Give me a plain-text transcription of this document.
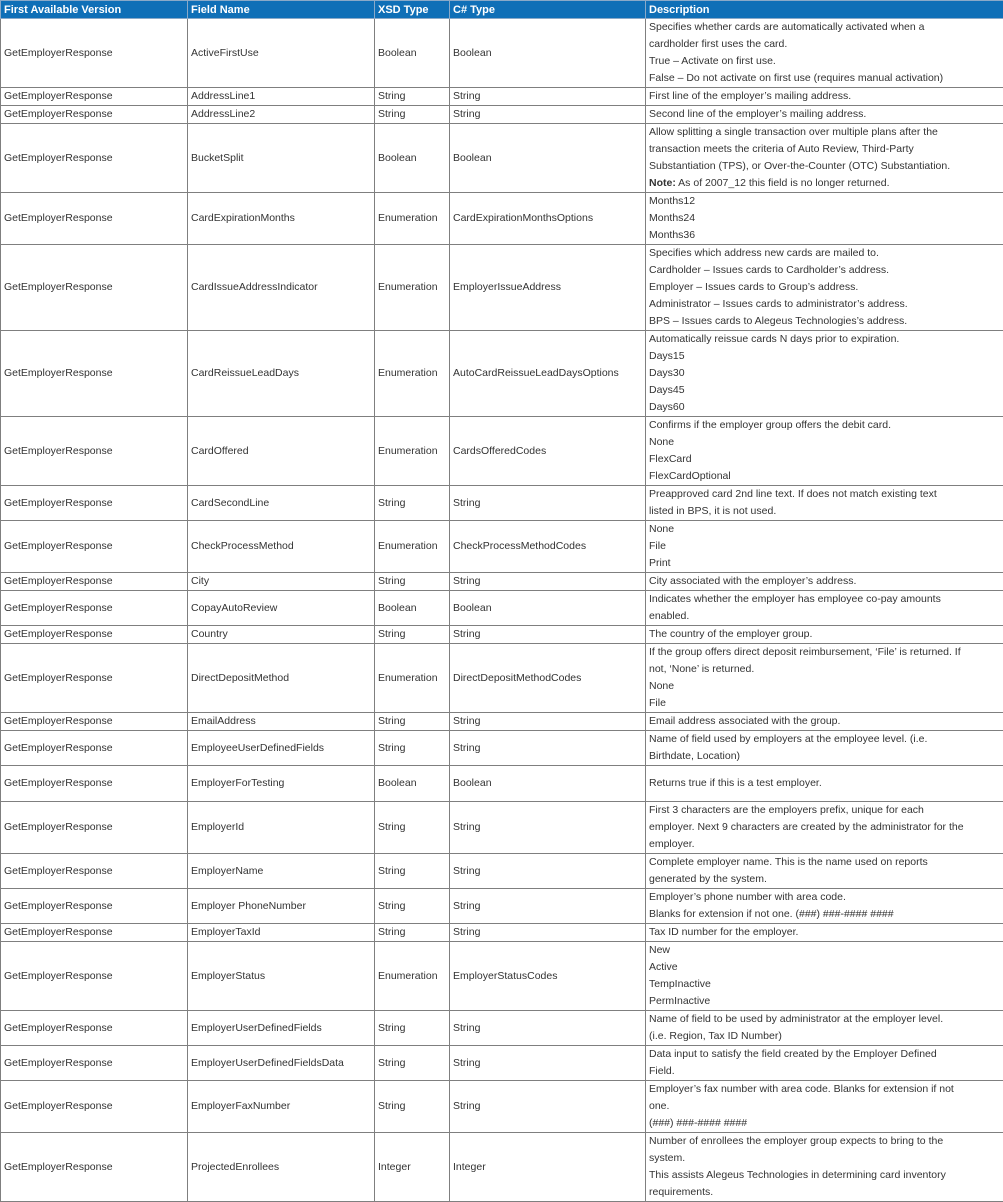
First Available Version	Field Name	XSD Type	C# Type	Description
GetEmployerResponse	ActiveFirstUse	Boolean	Boolean	Specifies whether cards are automatically activated when a
cardholder first uses the card.
True – Activate on first use.
False – Do not activate on first use (requires manual activation)

GetEmployerResponse	AddressLine1	String	String	First line of the employer’s mailing address.

GetEmployerResponse	AddressLine2	String	String	Second line of the employer’s mailing address.

GetEmployerResponse	BucketSplit	Boolean	Boolean	Allow splitting a single transaction over multiple plans after the
transaction meets the criteria of Auto Review, Third-Party
Substantiation (TPS), or Over-the-Counter (OTC) Substantiation.
Note: As of 2007_12 this field is no longer returned.

GetEmployerResponse	CardExpirationMonths	Enumeration	CardExpirationMonthsOptions	Months12
Months24
Months36

GetEmployerResponse	CardIssueAddressIndicator	Enumeration	EmployerIssueAddress	Specifies which address new cards are mailed to.
Cardholder – Issues cards to Cardholder’s address.
Employer – Issues cards to Group’s address.
Administrator – Issues cards to administrator’s address.
BPS – Issues cards to Alegeus Technologies’s address.

GetEmployerResponse	CardReissueLeadDays	Enumeration	AutoCardReissueLeadDaysOptions	Automatically reissue cards N days prior to expiration.
Days15
Days30
Days45
Days60

GetEmployerResponse	CardOffered	Enumeration	CardsOfferedCodes	Confirms if the employer group offers the debit card.
None
FlexCard
FlexCardOptional

GetEmployerResponse	CardSecondLine	String	String	Preapproved card 2nd line text. If does not match existing text
listed in BPS, it is not used.

GetEmployerResponse	CheckProcessMethod	Enumeration	CheckProcessMethodCodes	None
File
Print

GetEmployerResponse	City	String	String	City associated with the employer’s address.

GetEmployerResponse	CopayAutoReview	Boolean	Boolean	Indicates whether the employer has employee co-pay amounts
enabled.

GetEmployerResponse	Country	String	String	The country of the employer group.

GetEmployerResponse	DirectDepositMethod	Enumeration	DirectDepositMethodCodes	If the group offers direct deposit reimbursement, ‘File’ is returned. If
not, ‘None’ is returned.
None
File

GetEmployerResponse	EmailAddress	String	String	Email address associated with the group.

GetEmployerResponse	EmployeeUserDefinedFields	String	String	Name of field used by employers at the employee level. (i.e.
Birthdate, Location)

GetEmployerResponse	EmployerForTesting	Boolean	Boolean	Returns true if this is a test employer.

GetEmployerResponse	EmployerId	String	String	First 3 characters are the employers prefix, unique for each
employer. Next 9 characters are created by the administrator for the
employer.

GetEmployerResponse	EmployerName	String	String	Complete employer name. This is the name used on reports
generated by the system.

GetEmployerResponse	Employer PhoneNumber	String	String	Employer’s phone number with area code.
Blanks for extension if not one. (###) ###-#### ####

GetEmployerResponse	EmployerTaxId	String	String	Tax ID number for the employer.

GetEmployerResponse	EmployerStatus	Enumeration	EmployerStatusCodes	New
Active
TempInactive
PermInactive

GetEmployerResponse	EmployerUserDefinedFields	String	String	Name of field to be used by administrator at the employer level.
(i.e. Region, Tax ID Number)

GetEmployerResponse	EmployerUserDefinedFieldsData	String	String	Data input to satisfy the field created by the Employer Defined
Field.

GetEmployerResponse	EmployerFaxNumber	String	String	Employer’s fax number with area code. Blanks for extension if not
one.
(###) ###-#### ####

GetEmployerResponse	ProjectedEnrollees	Integer	Integer	Number of enrollees the employer group expects to bring to the
system.
This assists Alegeus Technologies in determining card inventory
requirements.
